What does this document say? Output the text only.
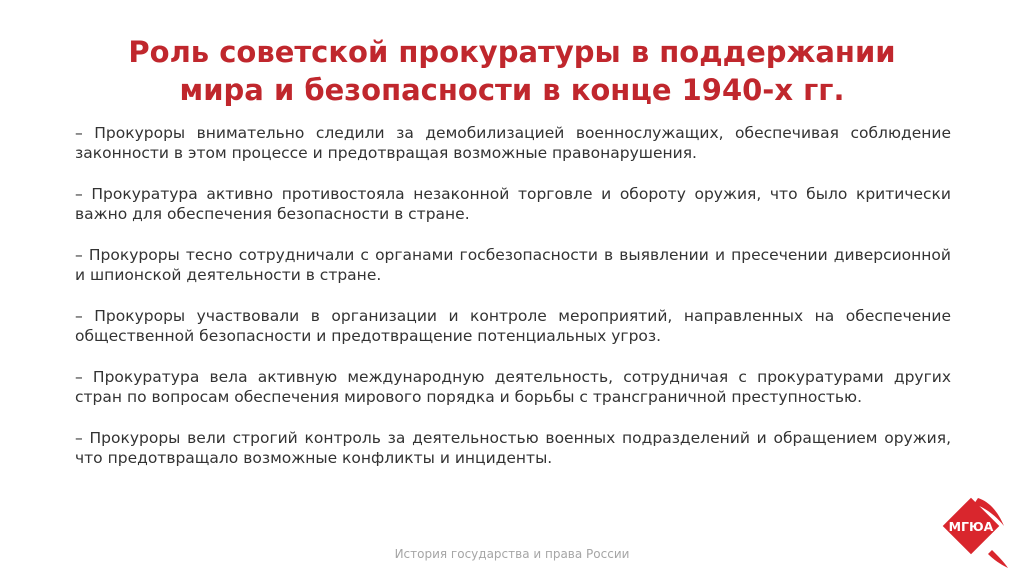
Роль советской прокуратуры в поддержании
мира и безопасности в конце 1940-х гг.

– Прокуроры внимательно следили за демобилизацией военнослужащих, обеспечивая соблюдение законности в этом процессе и предотвращая возможные правонарушения.

– Прокуратура активно противостояла незаконной торговле и обороту оружия, что было критически важно для обеспечения безопасности в стране.

– Прокуроры тесно сотрудничали с органами госбезопасности в выявлении и пресечении диверсионной и шпионской деятельности в стране.

– Прокуроры участвовали в организации и контроле мероприятий, направленных на обеспечение общественной безопасности и предотвращение потенциальных угроз.

– Прокуратура вела активную международную деятельность, сотрудничая с прокуратурами других стран по вопросам обеспечения мирового порядка и борьбы с трансграничной преступностью.

– Прокуроры вели строгий контроль за деятельностью военных подразделений и обращением оружия, что предотвращало возможные конфликты и инциденты.

История государства и права России
МГЮА
